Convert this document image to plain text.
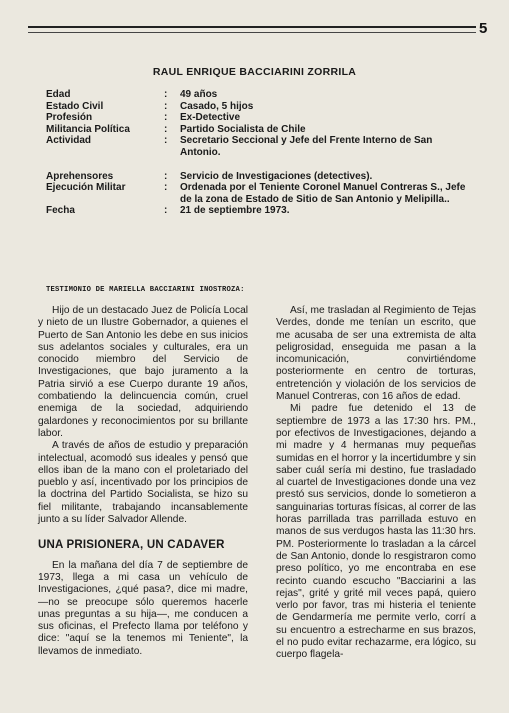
5
RAUL ENRIQUE BACCIARINI ZORRILA
Edad	:	49 años
Estado Civil	:	Casado, 5 hijos
Profesión	:	Ex-Detective
Militancia Política	:	Partido Socialista de Chile
Actividad	:	Secretario Seccional y Jefe del Frente Interno de San Antonio.
Aprehensores	:	Servicio de Investigaciones (detectives).
Ejecución Militar	:	Ordenada por el Teniente Coronel Manuel Contreras S., Jefe de la zona de Estado de Sitio de San Antonio y Melipilla..
Fecha	:	21 de septiembre 1973.
TESTIMONIO DE MARIELLA BACCIARINI INOSTROZA:

Hijo de un destacado Juez de Policía Local y nieto de un Ilustre Gobernador, a quienes el Puerto de San Antonio les debe en sus inicios sus adelantos sociales y culturales, era un conocido miembro del Servicio de Investigaciones, que bajo juramento a la Patria sirvió a ese Cuerpo durante 19 años, combatiendo la delincuencia común, cruel enemiga de la sociedad, adquiriendo galardones y reconocimientos por su brillante labor.

A través de años de estudio y preparación intelectual, acomodó sus ideales y pensó que ellos iban de la mano con el proletariado del pueblo y así, incentivado por los principios de la doctrina del Partido Socialista, se hizo su fiel militante, trabajando incansablemente junto a su líder Salvador Allende.

UNA PRISIONERA, UN CADAVER

En la mañana del día 7 de septiembre de 1973, llega a mi casa un vehículo de Investigaciones, ¿qué pasa?, dice mi madre, —no se preocupe sólo queremos hacerle unas preguntas a su hija—, me conducen a sus oficinas, el Prefecto llama por teléfono y dice: "aquí se la tenemos mi Teniente", la llevamos de inmediato.

Así, me trasladan al Regimiento de Tejas Verdes, donde me tenían un escrito, que me acusaba de ser una extremista de alta peligrosidad, enseguida me pasan a la incomunicación, convirtiéndome posteriormente en centro de torturas, entretención y violación de los servicios de Manuel Contreras, con 16 años de edad.

Mi padre fue detenido el 13 de septiembre de 1973 a las 17:30 hrs. PM., por efectivos de Investigaciones, dejando a mi madre y 4 hermanas muy pequeñas sumidas en el horror y la incertidumbre y sin saber cuál sería mi destino, fue trasladado al cuartel de Investigaciones donde una vez prestó sus servicios, donde lo sometieron a sanguinarias torturas físicas, al correr de las horas parrillada tras parrillada estuvo en manos de sus verdugos hasta las 11:30 hrs. PM. Posteriormente lo trasladan a la cárcel de San Antonio, donde lo resgistraron como preso político, yo me encontraba en ese recinto cuando escucho "Bacciarini a las rejas", grité y grité mil veces papá, quiero verlo por favor, tras mi histeria el teniente de Gendarmería me permite verlo, corrí a su encuentro a estrecharme en sus brazos, el no pudo evitar rechazarme, era lógico, su cuerpo flagela-
